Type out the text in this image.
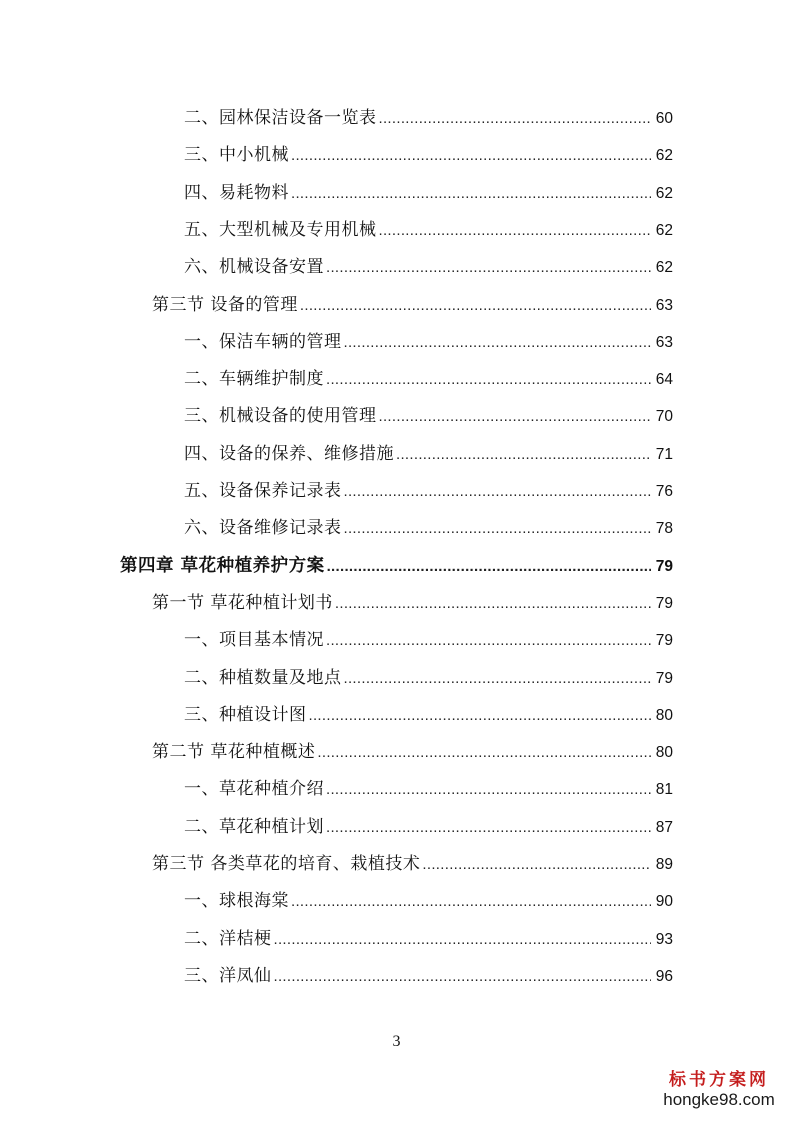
二、园林保洁设备一览表 .....	60
三、中小机械 .....	62
四、易耗物料 .....	62
五、大型机械及专用机械 .....	62
六、机械设备安置 .....	62
第三节 设备的管理 .....	63
一、保洁车辆的管理 .....	63
二、车辆维护制度 .....	64
三、机械设备的使用管理 .....	70
四、设备的保养、维修措施 .....	71
五、设备保养记录表 .....	76
六、设备维修记录表 .....	78
第四章 草花种植养护方案 .....	79
第一节 草花种植计划书 .....	79
一、项目基本情况 .....	79
二、种植数量及地点 .....	79
三、种植设计图 .....	80
第二节 草花种植概述 .....	80
一、草花种植介绍 .....	81
二、草花种植计划 .....	87
第三节 各类草花的培育、栽植技术 .....	89
一、球根海棠 .....	90
二、洋桔梗 .....	93
三、洋凤仙 .....	96
3
标书方案网
hongke98.com
